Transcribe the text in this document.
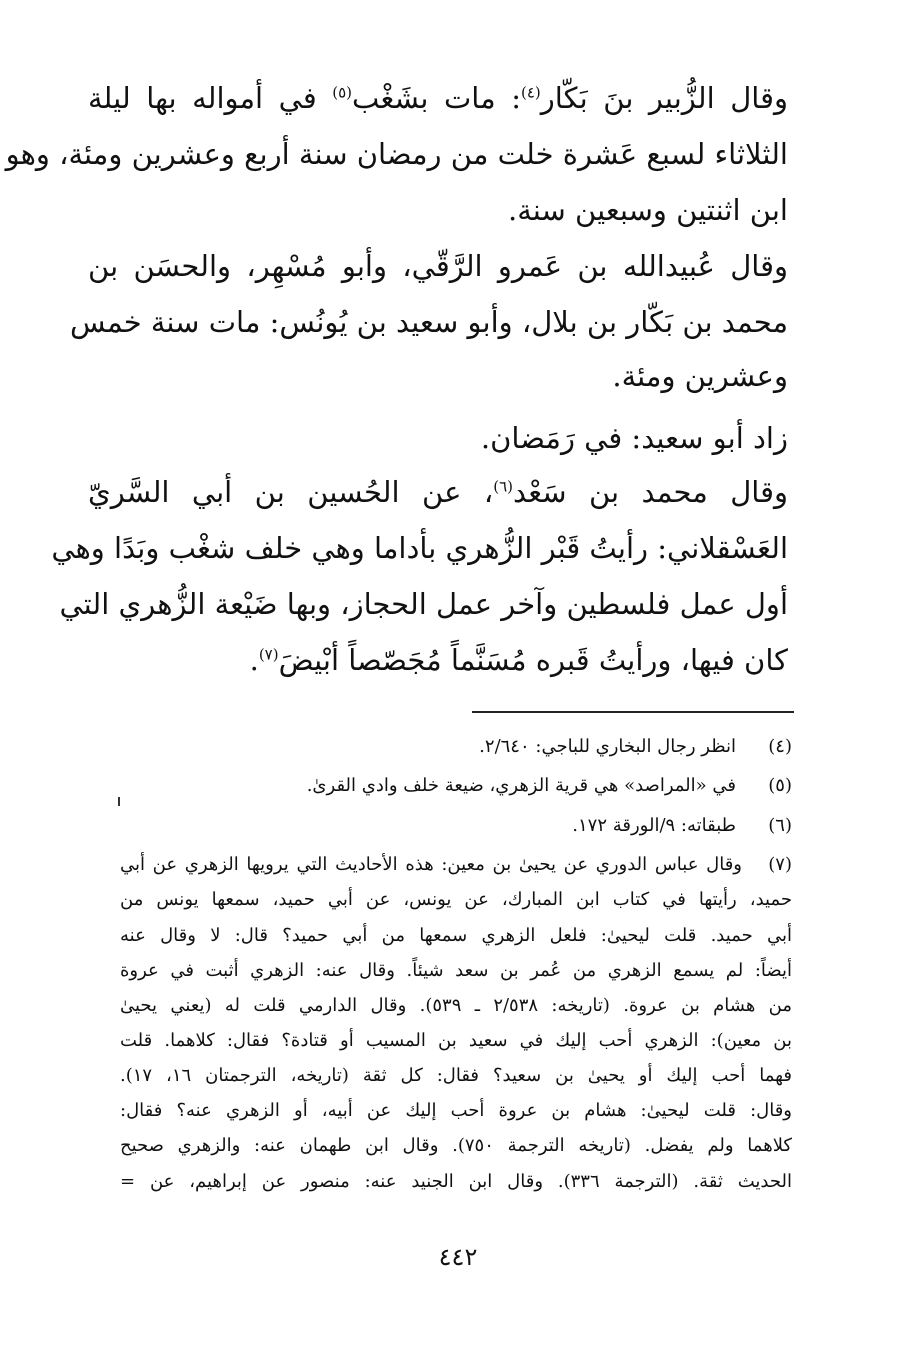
وقال الزُّبير بنَ بَكّار$^{(٤)}$: مات بشَغْب$^{(٥)}$ في أمواله بها ليلة
الثلاثاء لسبع عَشرة خلت من رمضان سنة أربع وعشرين ومئة، وهو
ابن اثنتين وسبعين سنة.
وقال عُبيدالله بن عَمرو الرَّقّي، وأبو مُسْهِر، والحسَن بن
محمد بن بَكّار بن بلال، وأبو سعيد بن يُونُس: مات سنة خمس
وعشرين ومئة.
زاد أبو سعيد: في رَمَضان.
وقال محمد بن سَعْد$^{(٦)}$، عن الحُسين بن أبي السَّريّ
العَسْقلاني: رأيتُ قَبْر الزُّهري بأداما وهي خلف شغْب وبَدًا وهي
أول عمل فلسطين وآخر عمل الحجاز، وبها ضَيْعة الزُّهري التي
كان فيها، ورأيتُ قَبره مُسَنَّماً مُجَصّصاً أبْيضَ$^{(٧)}$.
(٤)
انظر رجال البخاري للباجي: ٢/٦٤٠.
(٥)
في «المراصد» هي قرية الزهري، ضيعة خلف وادي القرىٰ.
(٦)
طبقاته: ٩/الورقة ١٧٢.
(٧)
وقال عباس الدوري عن يحيىٰ بن معين: هذه الأحاديث التي يرويها الزهري عن أبي
حميد، رأيتها في كتاب ابن المبارك، عن يونس، عن أبي حميد، سمعها يونس من
أبي حميد. قلت ليحيىٰ: فلعل الزهري سمعها من أبي حميد؟ قال: لا وقال عنه
أيضاً: لم يسمع الزهري من عُمر بن سعد شيئاً. وقال عنه: الزهري أثبت في عروة
من هشام بن عروة. (تاريخه: ٢/٥٣٨ ـ ٥٣٩). وقال الدارمي قلت له (يعني يحيىٰ
بن معين): الزهري أحب إليك في سعيد بن المسيب أو قتادة؟ فقال: كلاهما. قلت
فهما أحب إليك أو يحيىٰ بن سعيد؟ فقال: كل ثقة (تاريخه، الترجمتان ١٦، ١٧).
وقال: قلت ليحيىٰ: هشام بن عروة أحب إليك عن أبيه، أو الزهري عنه؟ فقال:
كلاهما ولم يفضل. (تاريخه الترجمة ٧٥٠). وقال ابن طهمان عنه: والزهري صحيح
الحديث ثقة. (الترجمة ٣٣٦). وقال ابن الجنيد عنه: منصور عن إبراهيم، عن =
٤٤٢
